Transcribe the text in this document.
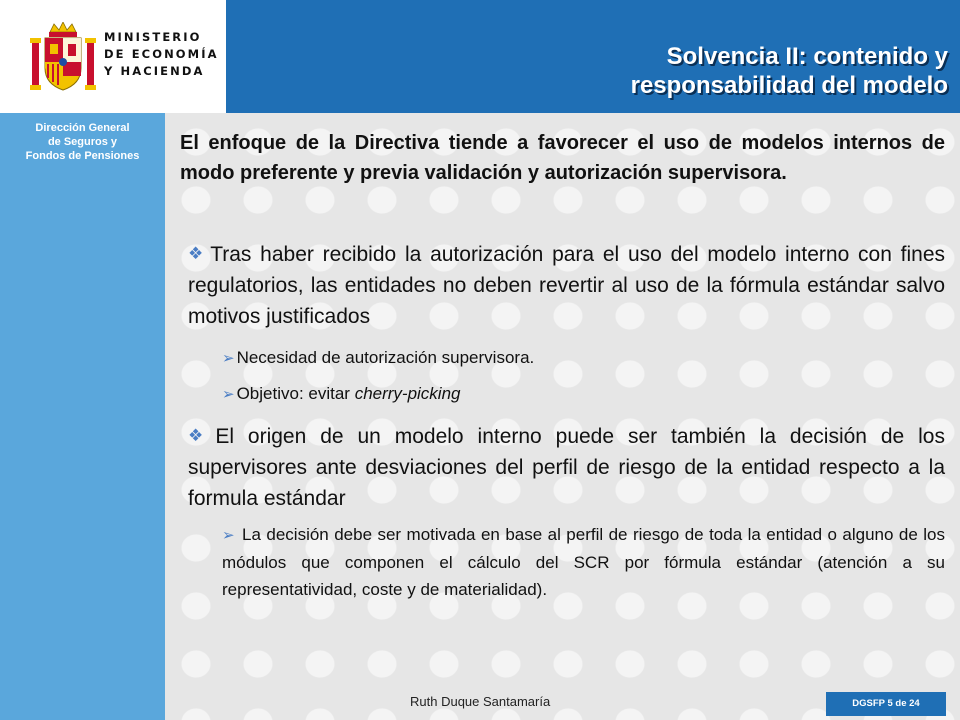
MINISTERIO
DE ECONOMÍA
Y HACIENDA
Solvencia II: contenido y
responsabilidad del modelo
Dirección General
de Seguros y
Fondos de Pensiones
El enfoque de la Directiva tiende a favorecer el uso de modelos internos de modo preferente y previa validación y autorización supervisora.
❖ Tras haber recibido la autorización para el uso del modelo interno con fines regulatorios, las entidades no deben revertir al uso de la fórmula estándar salvo motivos justificados
➢ Necesidad de autorización supervisora.
➢ Objetivo: evitar cherry-picking
❖ El origen de un modelo interno puede ser también la decisión de los supervisores ante desviaciones del perfil de riesgo de la entidad respecto a la formula estándar
➢ La decisión debe ser motivada en base al perfil de riesgo de toda la entidad o alguno de los módulos que componen el cálculo del SCR por fórmula estándar (atención a su representatividad, coste y de materialidad).
Ruth Duque Santamaría	DGSFP 5 de 24
